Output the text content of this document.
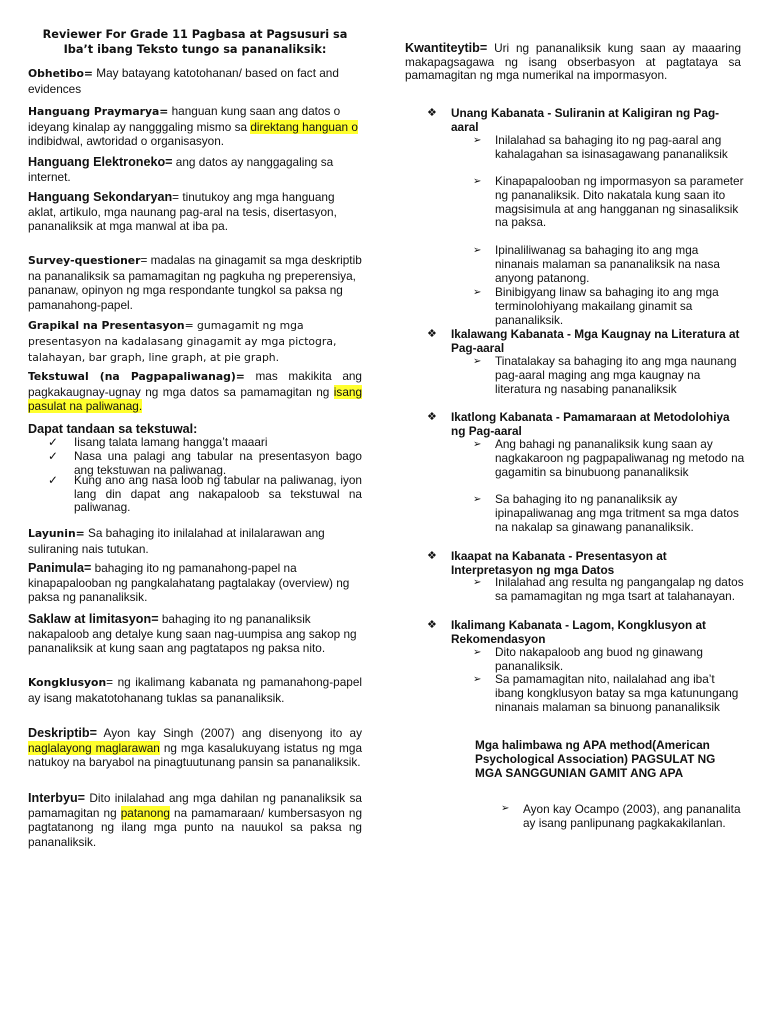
Reviewer For Grade 11 Pagbasa at Pagsusuri sa Iba’t ibang Teksto tungo sa pananaliksik:

Obhetibo= May batayang katotohanan/ based on fact and evidences

Hanguang Praymarya= hanguan kung saan ang datos o ideyang kinalap ay nangggaling mismo sa direktang hanguan o indibidwal, awtoridad o organisasyon.

Hanguang Elektroneko= ang datos ay nanggagaling sa internet.

Hanguang Sekondaryan= tinutukoy ang mga hanguang aklat, artikulo, mga naunang pag-aral na tesis, disertasyon, pananaliksik at mga manwal at iba pa.

Survey-questioner= madalas na ginagamit sa mga deskriptib na pananaliksik sa pamamagitan ng pagkuha ng preperensiya, pananaw, opinyon ng mga respondante tungkol sa paksa ng pamanahong-papel.

Grapikal na Presentasyon= gumagamit ng mga presentasyon na kadalasang ginagamit ay mga pictogra, talahayan, bar graph, line graph, at pie graph.

Tekstuwal (na Pagpapaliwanag)= mas makikita ang pagkakaugnay-ugnay ng mga datos sa pamamagitan ng isang pasulat na paliwanag.

Dapat tandaan sa tekstuwal:

✓	Iisang talata lamang hangga’t maaari
✓	Nasa una palagi ang tabular na presentasyon bago ang tekstuwan na paliwanag.
✓	Kung ano ang nasa loob ng tabular na paliwanag, iyon lang din dapat ang nakapaloob sa tekstuwal na paliwanag.

Layunin= Sa bahaging ito inilalahad at inilalarawan ang suliraning nais tutukan.

Panimula= bahaging ito ng pamanahong-papel na kinapapalooban ng pangkalahatang pagtalakay (overview) ng paksa ng pananaliksik.

Saklaw at limitasyon= bahaging ito ng pananaliksik nakapaloob ang detalye kung saan nag-uumpisa ang sakop ng pananaliksik at kung saan ang pagtatapos ng paksa nito.

Kongklusyon= ng ikalimang kabanata ng pamanahong-papel ay isang makatotohanang tuklas sa pananaliksik.

Deskriptib= Ayon kay Singh (2007) ang disenyong ito ay naglalayong maglarawan ng mga kasalukuyang istatus ng mga natukoy na baryabol na pinagtuutunang pansin sa pananaliksik.

Interbyu= Dito inilalahad ang mga dahilan ng pananaliksik sa pamamagitan ng patanong na pamamaraan/ kumbersasyon ng pagtatanong ng ilang mga punto na nauukol sa paksa ng pananaliksik.

Kwantiteytib= Uri ng pananaliksik kung saan ay maaaring makapagsagawa ng isang obserbasyon at pagtataya sa pamamagitan ng mga numerikal na impormasyon.

❖	Unang Kabanata - Suliranin at Kaligiran ng Pag-aaral
➢	Inilalahad sa bahaging ito ng pag-aaral ang kahalagahan sa isinasagawang pananaliksik
➢	Kinapapalooban ng impormasyon sa parameter ng pananaliksik. Dito nakatala kung saan ito magsisimula at ang hangganan ng sinasaliksik na paksa.
➢	Ipinaliliwanag sa bahaging ito ang mga ninanais malaman sa pananaliksik na nasa anyong patanong.
➢	Binibigyang linaw sa bahaging ito ang mga terminolohiyang makailang ginamit sa pananaliksik.
❖	Ikalawang Kabanata - Mga Kaugnay na Literatura at Pag-aaral
➢	Tinatalakay sa bahaging ito ang mga naunang pag-aaral maging ang mga kaugnay na literatura ng nasabing pananaliksik
❖	Ikatlong Kabanata - Pamamaraan at Metodolohiya ng Pag-aaral
➢	Ang bahagi ng pananaliksik kung saan ay nagkakaroon ng pagpapaliwanag ng metodo na gagamitin sa binubuong pananaliksik
➢	Sa bahaging ito ng pananaliksik ay ipinapaliwanag ang mga tritment sa mga datos na nakalap sa ginawang pananaliksik.
❖	Ikaapat na Kabanata - Presentasyon at Interpretasyon ng mga Datos
➢	Inilalahad ang resulta ng pangangalap ng datos sa pamamagitan ng mga tsart at talahanayan.
❖	Ikalimang Kabanata - Lagom, Kongklusyon at Rekomendasyon
➢	Dito nakapaloob ang buod ng ginawang pananaliksik.
➢	Sa pamamagitan nito, nailalahad ang iba’t ibang kongklusyon batay sa mga katunungang ninanais malaman sa binuong pananaliksik
Mga halimbawa ng APA method(American Psychological Association) PAGSULAT NG MGA SANGGUNIAN GAMIT ANG APA
➢	Ayon kay Ocampo (2003), ang pananalita ay isang panlipunang pagkakakilanlan.
